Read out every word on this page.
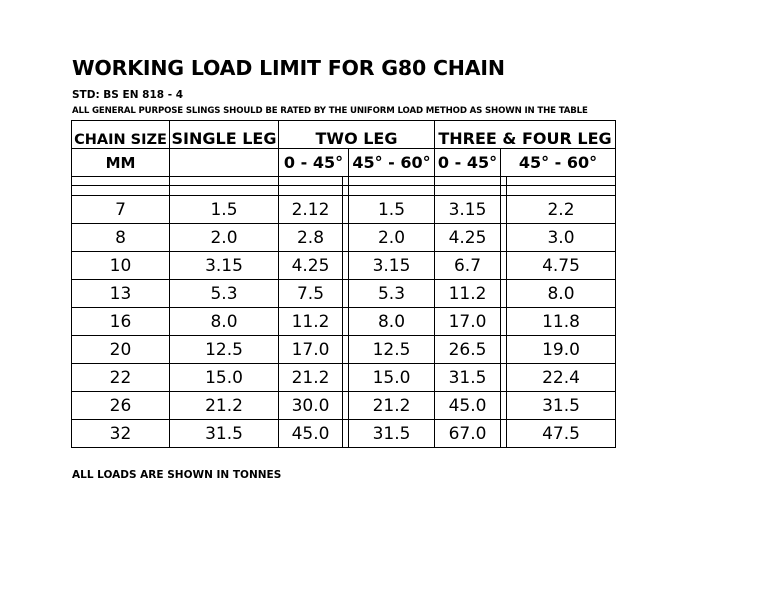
WORKING LOAD LIMIT FOR G80 CHAIN
STD: BS EN 818 - 4
ALL GENERAL PURPOSE SLINGS SHOULD BE RATED BY THE UNIFORM LOAD METHOD AS SHOWN IN THE TABLE
CHAIN SIZE	SINGLE LEG	TWO LEG			THREE & FOUR LEG		
MM		0 - 45°		45° - 60°	0 - 45°	45° - 60°	

7	1.5	2.12		1.5	3.15		2.2
8	2.0	2.8		2.0	4.25		3.0
10	3.15	4.25		3.15	6.7		4.75
13	5.3	7.5		5.3	11.2		8.0
16	8.0	11.2		8.0	17.0		11.8
20	12.5	17.0		12.5	26.5		19.0
22	15.0	21.2		15.0	31.5		22.4
26	21.2	30.0		21.2	45.0		31.5
32	31.5	45.0		31.5	67.0		47.5
ALL LOADS ARE SHOWN IN TONNES
